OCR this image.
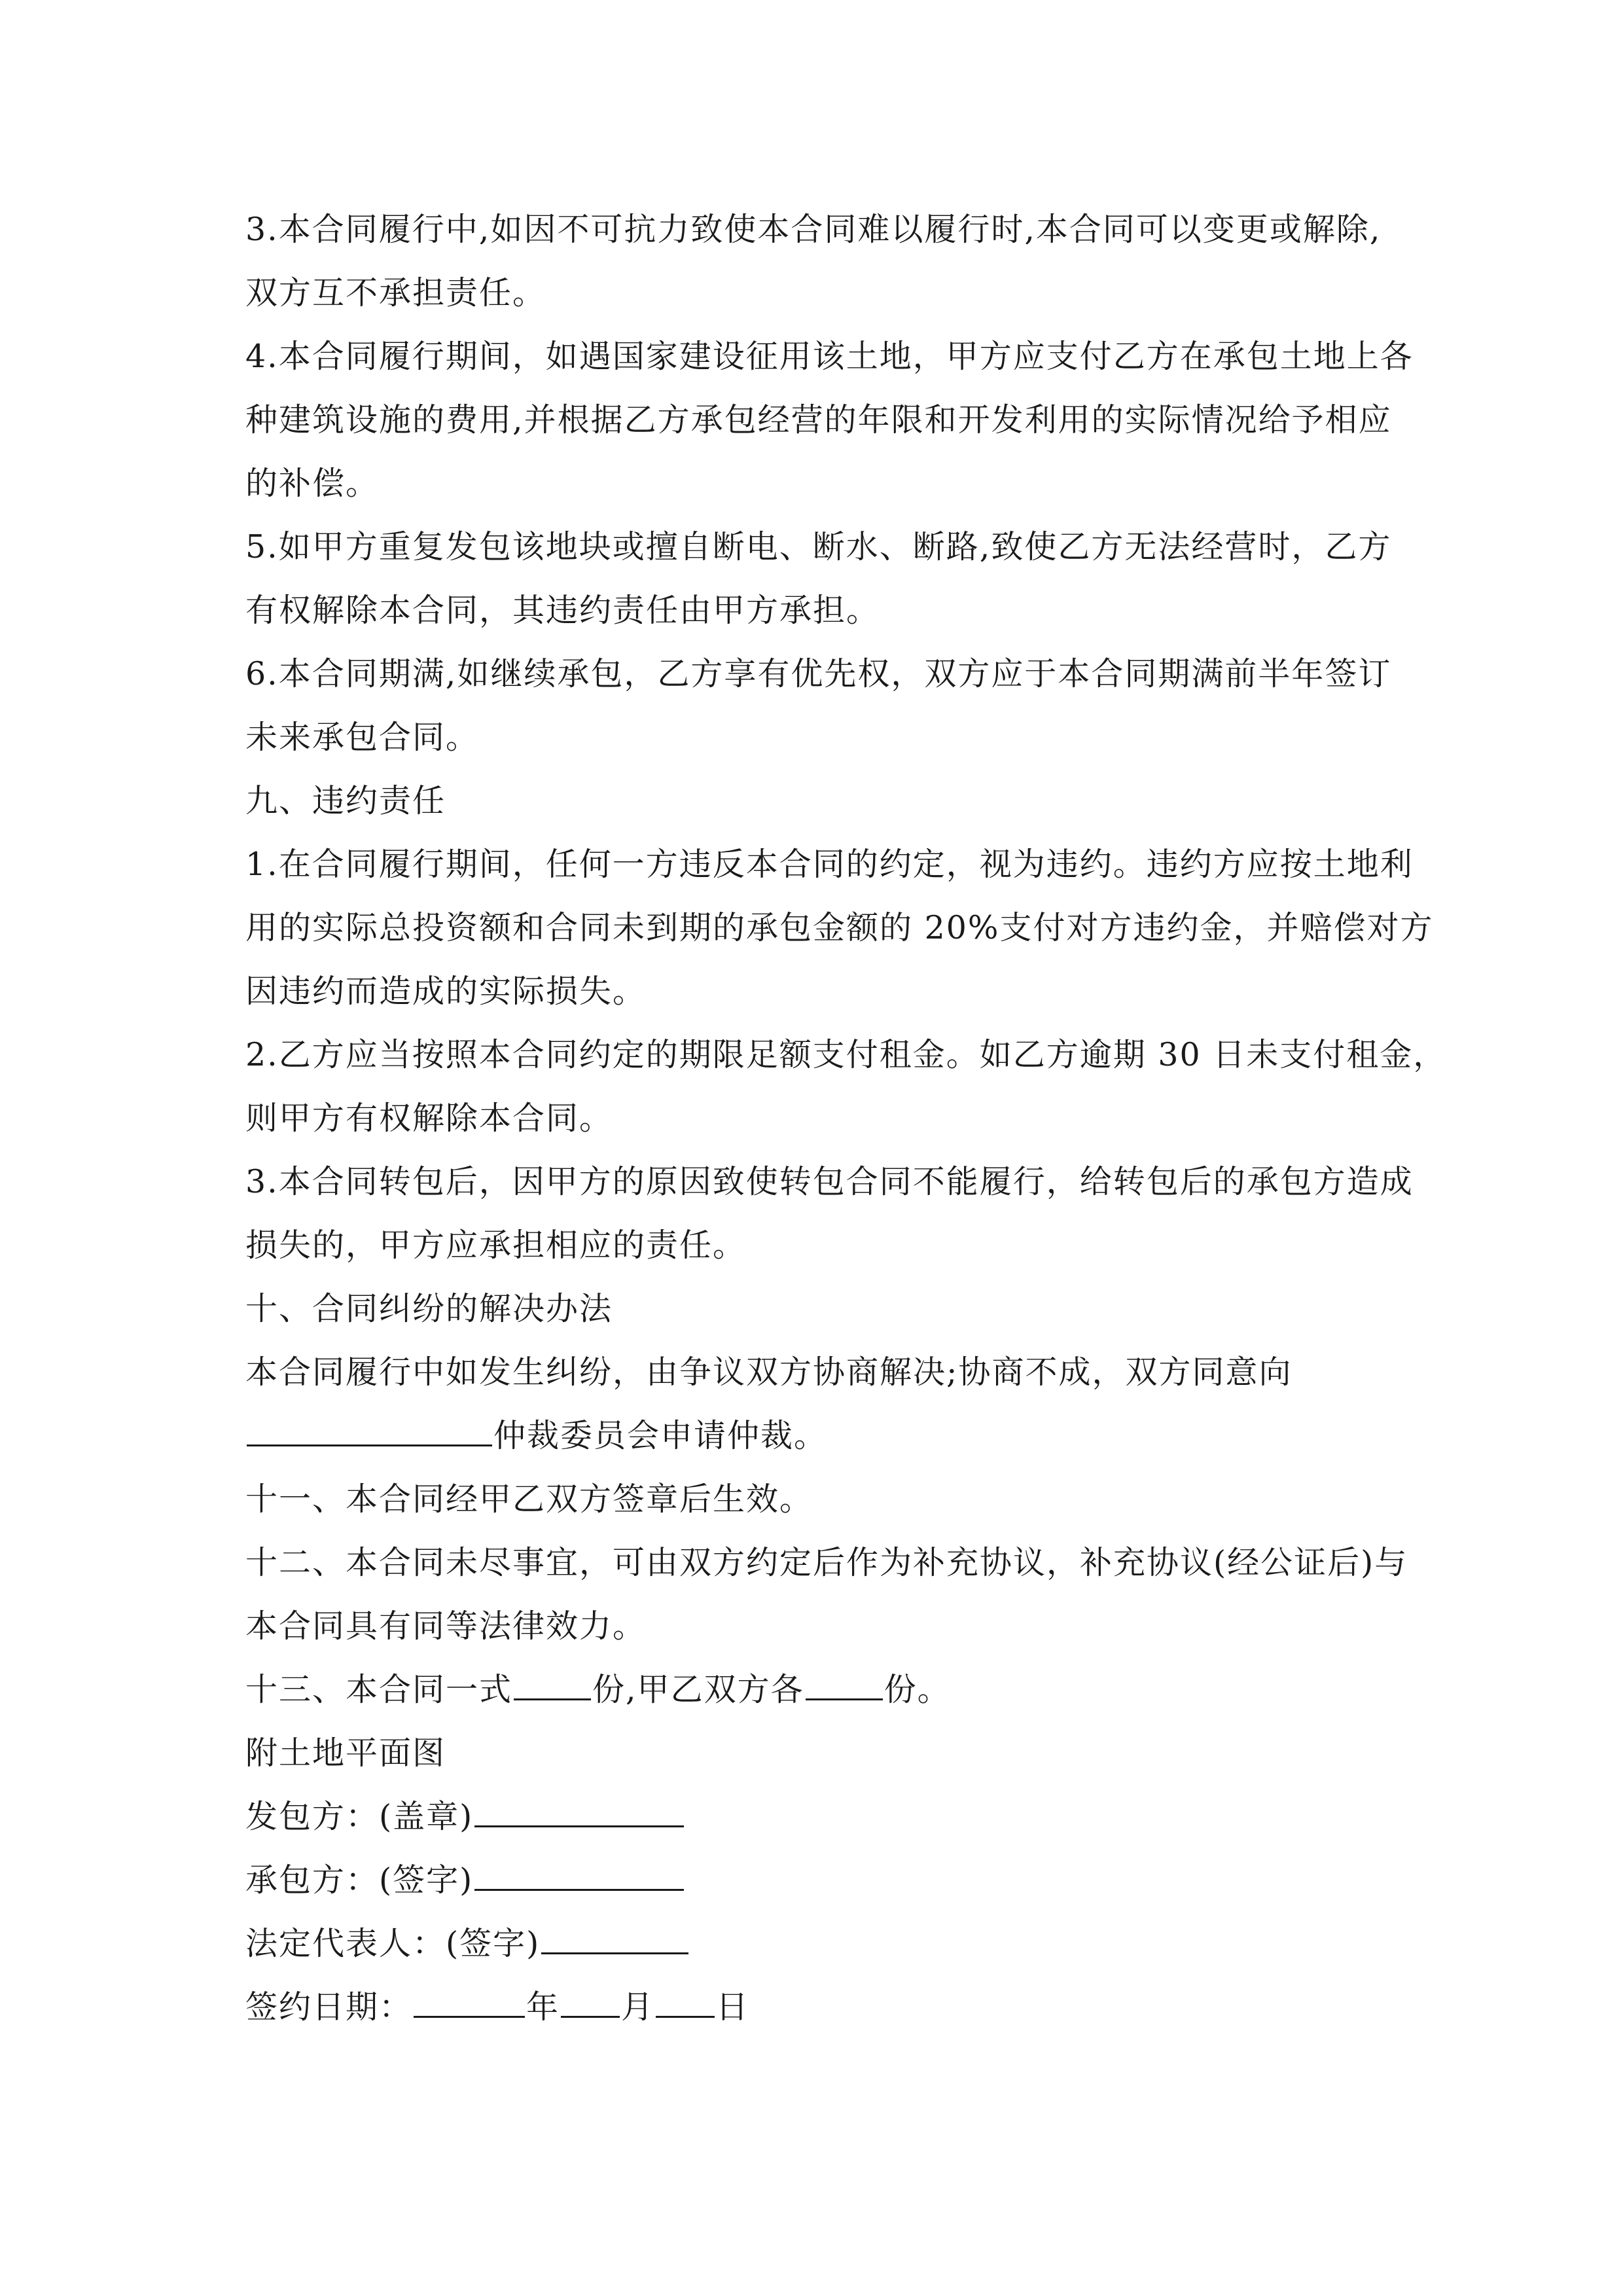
3.本合同履行中,如因不可抗力致使本合同难以履行时,本合同可以变更或解除,
双方互不承担责任。
4.本合同履行期间，如遇国家建设征用该土地，甲方应支付乙方在承包土地上各
种建筑设施的费用,并根据乙方承包经营的年限和开发利用的实际情况给予相应
的补偿。
5.如甲方重复发包该地块或擅自断电、断水、断路,致使乙方无法经营时，乙方
有权解除本合同，其违约责任由甲方承担。
6.本合同期满,如继续承包，乙方享有优先权，双方应于本合同期满前半年签订
未来承包合同。
九、违约责任
1.在合同履行期间，任何一方违反本合同的约定，视为违约。违约方应按土地利
用的实际总投资额和合同未到期的承包金额的 20%支付对方违约金，并赔偿对方
因违约而造成的实际损失。
2.乙方应当按照本合同约定的期限足额支付租金。如乙方逾期 30 日未支付租金，
则甲方有权解除本合同。
3.本合同转包后，因甲方的原因致使转包合同不能履行，给转包后的承包方造成
损失的，甲方应承担相应的责任。
十、合同纠纷的解决办法
本合同履行中如发生纠纷，由争议双方协商解决;协商不成，双方同意向
仲裁委员会申请仲裁。
十一、本合同经甲乙双方签章后生效。
十二、本合同未尽事宜，可由双方约定后作为补充协议，补充协议(经公证后)与
本合同具有同等法律效力。
十三、本合同一式 份,甲乙双方各 份。
附土地平面图
发包方：(盖章)
承包方：(签字)
法定代表人：(签字)
签约日期：	年 月 日
